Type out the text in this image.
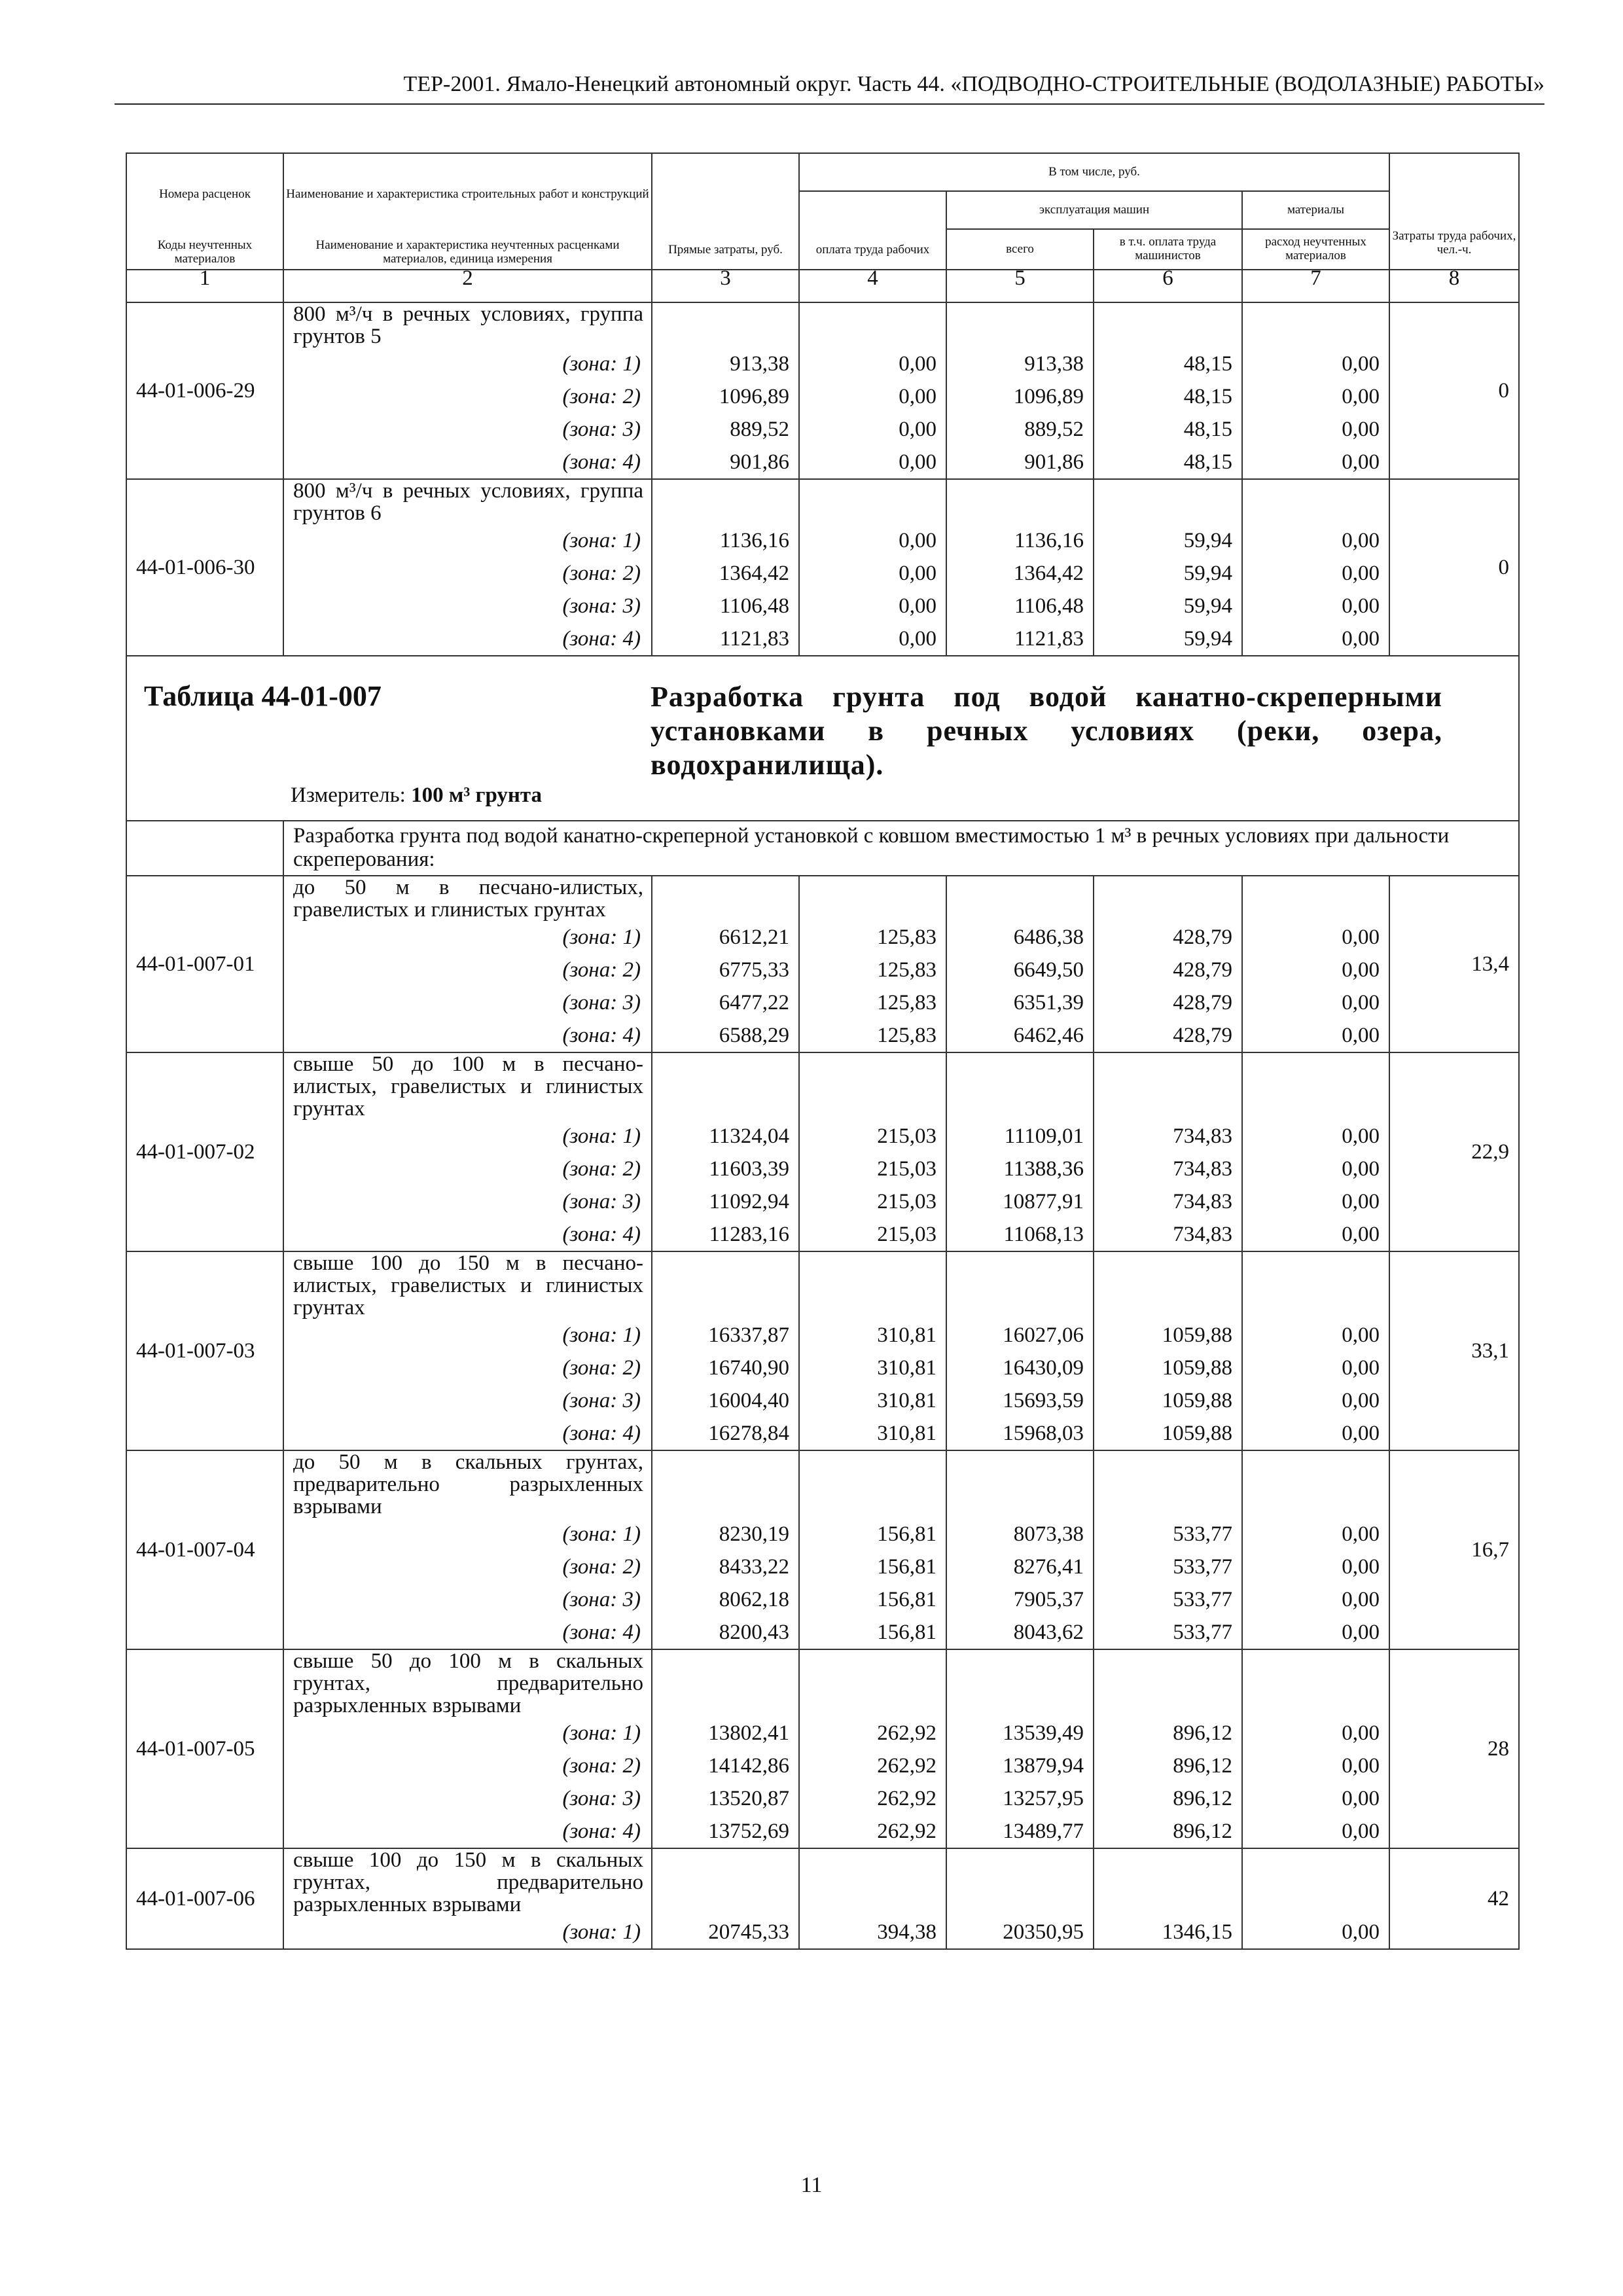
ТЕР-2001. Ямало-Ненецкий автономный округ. Часть 44. «ПОДВОДНО-СТРОИТЕЛЬНЫЕ (ВОДОЛАЗНЫЕ) РАБОТЫ»
Номера расценок	Наименование и характеристика строительных работ и конструкций	Прямые затраты, руб.	В том числе, руб.				Затраты труда рабочих, чел.-ч.
			оплата труда рабочих	эксплуатация машин		материалы	
				всего	в т.ч. оплата труда машинистов	расход неучтенных материалов	
Коды неучтенных материалов	Наименование и характеристика неучтенных расценками материалов, единица измерения						

1	2	3	4	5	6	7	8
44-01-006-29	800 м³/ч в речных условиях, группа грунтов 5						0
	(зона: 1)	913,38	0,00	913,38	48,15	0,00	
	(зона: 2)	1096,89	0,00	1096,89	48,15	0,00	
	(зона: 3)	889,52	0,00	889,52	48,15	0,00	
	(зона: 4)	901,86	0,00	901,86	48,15	0,00	
44-01-006-30	800 м³/ч в речных условиях, группа грунтов 6						0
	(зона: 1)	1136,16	0,00	1136,16	59,94	0,00	
	(зона: 2)	1364,42	0,00	1364,42	59,94	0,00	
	(зона: 3)	1106,48	0,00	1106,48	59,94	0,00	
	(зона: 4)	1121,83	0,00	1121,83	59,94	0,00	

Таблица 44-01-007 Разработка грунта под водой канатно-скреперными установками в речных условиях (реки, озера, водохранилища).
Измеритель: 100 м³ грунта							

	Разработка грунта под водой канатно-скреперной установкой с ковшом вместимостью 1 м³ в речных условиях при дальности скреперования:						
44-01-007-01	до 50 м в песчано-илистых, гравелистых и глинистых грунтах						13,4
	(зона: 1)	6612,21	125,83	6486,38	428,79	0,00	
	(зона: 2)	6775,33	125,83	6649,50	428,79	0,00	
	(зона: 3)	6477,22	125,83	6351,39	428,79	0,00	
	(зона: 4)	6588,29	125,83	6462,46	428,79	0,00	
44-01-007-02	свыше 50 до 100 м в песчано-илистых, гравелистых и глинистых грунтах						22,9
	(зона: 1)	11324,04	215,03	11109,01	734,83	0,00	
	(зона: 2)	11603,39	215,03	11388,36	734,83	0,00	
	(зона: 3)	11092,94	215,03	10877,91	734,83	0,00	
	(зона: 4)	11283,16	215,03	11068,13	734,83	0,00	
44-01-007-03	свыше 100 до 150 м в песчано-илистых, гравелистых и глинистых грунтах						33,1
	(зона: 1)	16337,87	310,81	16027,06	1059,88	0,00	
	(зона: 2)	16740,90	310,81	16430,09	1059,88	0,00	
	(зона: 3)	16004,40	310,81	15693,59	1059,88	0,00	
	(зона: 4)	16278,84	310,81	15968,03	1059,88	0,00	
44-01-007-04	до 50 м в скальных грунтах, предварительно разрыхленных взрывами						16,7
	(зона: 1)	8230,19	156,81	8073,38	533,77	0,00	
	(зона: 2)	8433,22	156,81	8276,41	533,77	0,00	
	(зона: 3)	8062,18	156,81	7905,37	533,77	0,00	
	(зона: 4)	8200,43	156,81	8043,62	533,77	0,00	
44-01-007-05	свыше 50 до 100 м в скальных грунтах, предварительно разрыхленных взрывами						28
	(зона: 1)	13802,41	262,92	13539,49	896,12	0,00	
	(зона: 2)	14142,86	262,92	13879,94	896,12	0,00	
	(зона: 3)	13520,87	262,92	13257,95	896,12	0,00	
	(зона: 4)	13752,69	262,92	13489,77	896,12	0,00	
44-01-007-06	свыше 100 до 150 м в скальных грунтах, предварительно разрыхленных взрывами						42
	(зона: 1)	20745,33	394,38	20350,95	1346,15	0,00	
11
